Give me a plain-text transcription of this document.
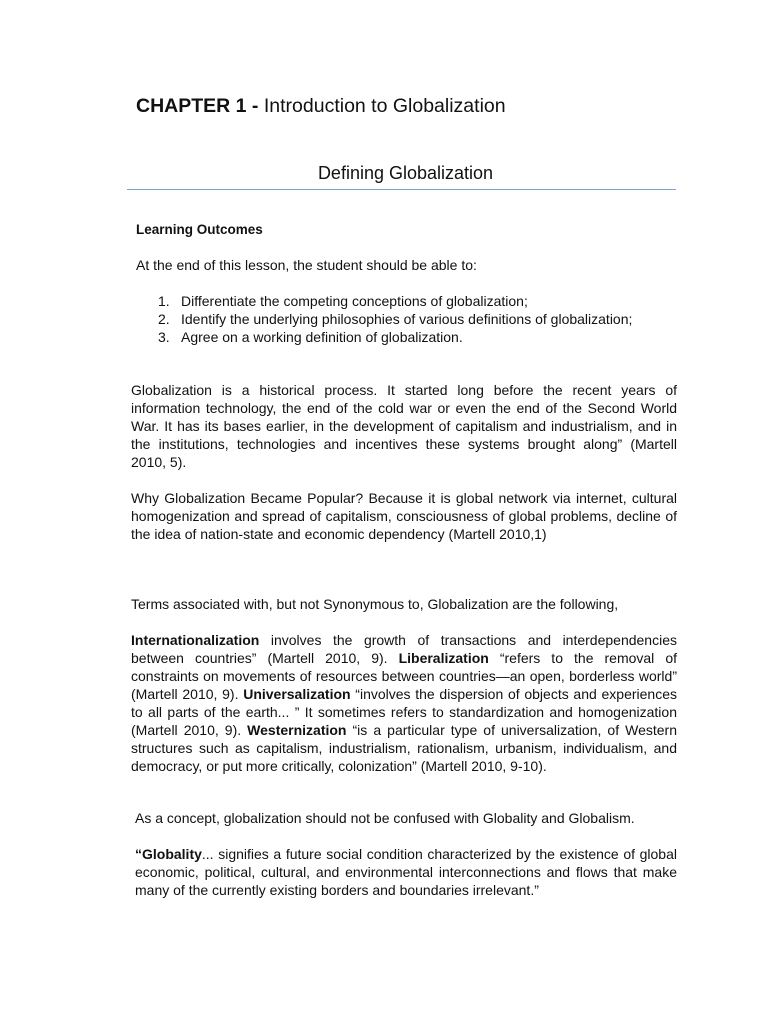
CHAPTER 1 - Introduction to Globalization
Defining Globalization
Learning Outcomes
At the end of this lesson, the student should be able to:
1. Differentiate the competing conceptions of globalization;
2. Identify the underlying philosophies of various definitions of globalization;
3. Agree on a working definition of globalization.

Globalization is a historical process. It started long before the recent years of information technology, the end of the cold war or even the end of the Second World War. It has its bases earlier, in the development of capitalism and industrialism, and in the institutions, technologies and incentives these systems brought along” (Martell 2010, 5).

Why Globalization Became Popular? Because it is global network via internet, cultural homogenization and spread of capitalism, consciousness of global problems, decline of the idea of nation-state and economic dependency (Martell 2010,1)

Terms associated with, but not Synonymous to, Globalization are the following,

Internationalization involves the growth of transactions and interdependencies between countries” (Martell 2010, 9). Liberalization “refers to the removal of constraints on movements of resources between countries—an open, borderless world” (Martell 2010, 9). Universalization “involves the dispersion of objects and experiences to all parts of the earth... ” It sometimes refers to standardization and homogenization (Martell 2010, 9). Westernization “is a particular type of universalization, of Western structures such as capitalism, industrialism, rationalism, urbanism, individualism, and democracy, or put more critically, colonization” (Martell 2010, 9-10).

As a concept, globalization should not be confused with Globality and Globalism.

“Globality... signifies a future social condition characterized by the existence of global economic, political, cultural, and environmental interconnections and flows that make many of the currently existing borders and boundaries irrelevant.”
